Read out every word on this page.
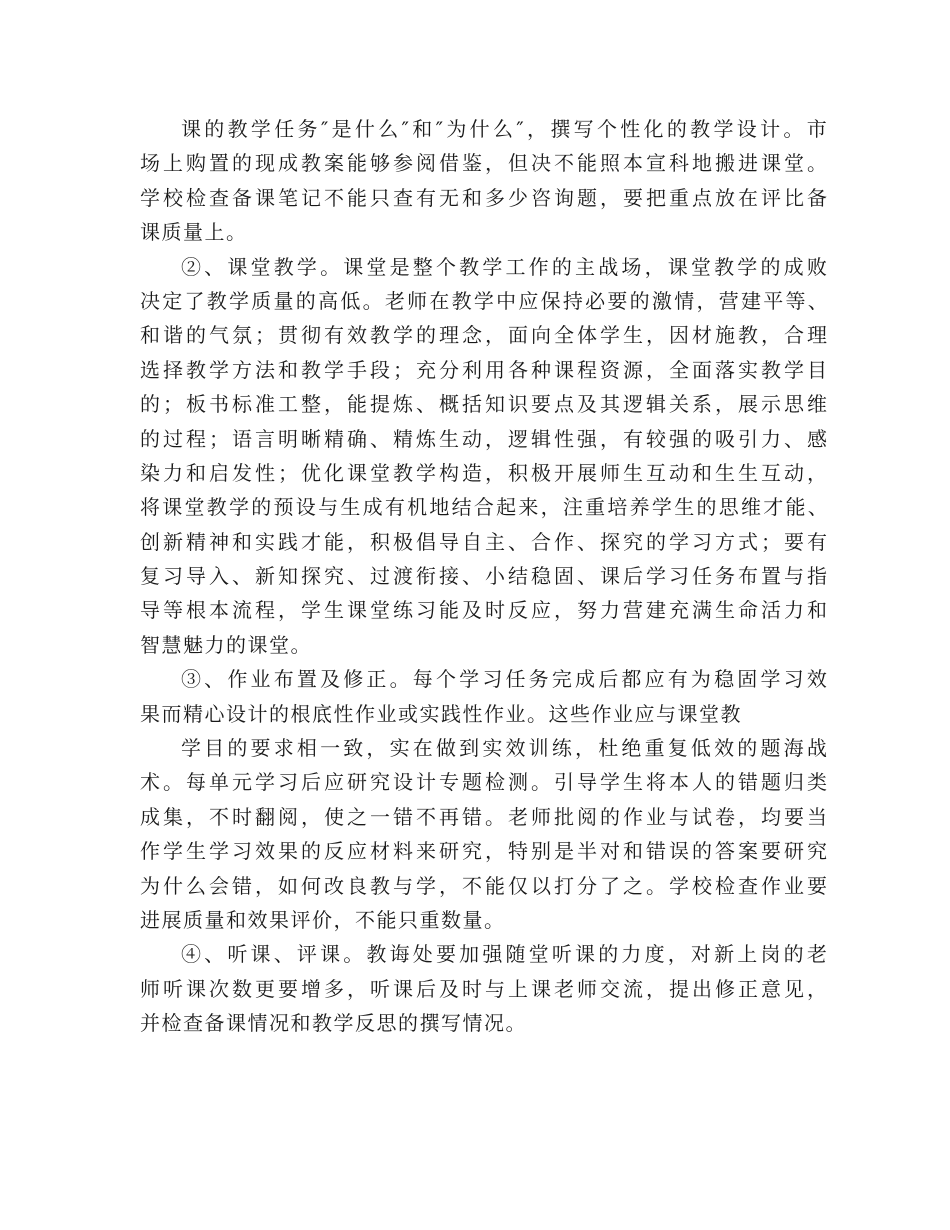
课的教学任务″是什么″和″为什么″，撰写个性化的教学设计。市
场上购置的现成教案能够参阅借鉴，但决不能照本宣科地搬进课堂。
学校检查备课笔记不能只查有无和多少咨询题，要把重点放在评比备
课质量上。
②、课堂教学。课堂是整个教学工作的主战场，课堂教学的成败
决定了教学质量的高低。老师在教学中应保持必要的激情，营建平等、
和谐的气氛；贯彻有效教学的理念，面向全体学生，因材施教，合理
选择教学方法和教学手段；充分利用各种课程资源，全面落实教学目
的；板书标准工整，能提炼、概括知识要点及其逻辑关系，展示思维
的过程；语言明晰精确、精炼生动，逻辑性强，有较强的吸引力、感
染力和启发性；优化课堂教学构造，积极开展师生互动和生生互动，
将课堂教学的预设与生成有机地结合起来，注重培养学生的思维才能、
创新精神和实践才能，积极倡导自主、合作、探究的学习方式；要有
复习导入、新知探究、过渡衔接、小结稳固、课后学习任务布置与指
导等根本流程，学生课堂练习能及时反应，努力营建充满生命活力和
智慧魅力的课堂。
③、作业布置及修正。每个学习任务完成后都应有为稳固学习效
果而精心设计的根底性作业或实践性作业。这些作业应与课堂教
学目的要求相一致，实在做到实效训练，杜绝重复低效的题海战
术。每单元学习后应研究设计专题检测。引导学生将本人的错题归类
成集，不时翻阅，使之一错不再错。老师批阅的作业与试卷，均要当
作学生学习效果的反应材料来研究，特别是半对和错误的答案要研究
为什么会错，如何改良教与学，不能仅以打分了之。学校检查作业要
进展质量和效果评价，不能只重数量。
④、听课、评课。教诲处要加强随堂听课的力度，对新上岗的老
师听课次数更要增多，听课后及时与上课老师交流，提出修正意见，
并检查备课情况和教学反思的撰写情况。
